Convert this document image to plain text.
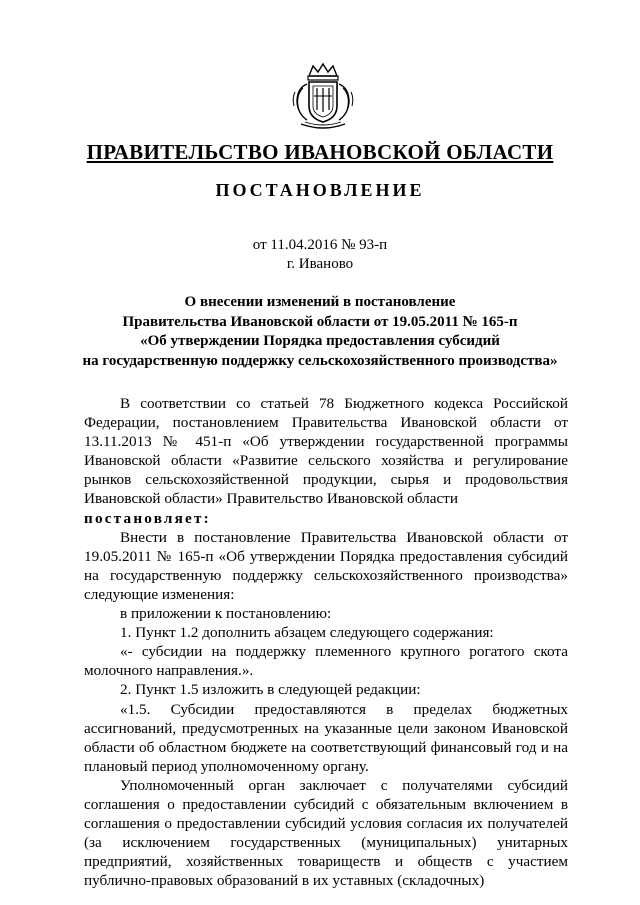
ПРАВИТЕЛЬСТВО ИВАНОВСКОЙ ОБЛАСТИ
ПОСТАНОВЛЕНИЕ
от 11.04.2016 № 93-п
г. Иваново
О внесении изменений в постановление
Правительства Ивановской области от 19.05.2011 № 165-п
«Об утверждении Порядка предоставления субсидий
на государственную поддержку сельскохозяйственного производства»

В соответствии со статьей 78 Бюджетного кодекса Российской Федерации, постановлением Правительства Ивановской области от 13.11.2013 № 451-п «Об утверждении государственной программы Ивановской области «Развитие сельского хозяйства и регулирование рынков сельскохозяйственной продукции, сырья и продовольствия Ивановской области» Правительство Ивановской области

постановляет:

Внести в постановление Правительства Ивановской области от 19.05.2011 № 165-п «Об утверждении Порядка предоставления субсидий на государственную поддержку сельскохозяйственного производства» следующие изменения:

в приложении к постановлению:

1. Пункт 1.2 дополнить абзацем следующего содержания:

«- субсидии на поддержку племенного крупного рогатого скота молочного направления.».

2. Пункт 1.5 изложить в следующей редакции:

«1.5. Субсидии предоставляются в пределах бюджетных ассигнований, предусмотренных на указанные цели законом Ивановской области об областном бюджете на соответствующий финансовый год и на плановый период уполномоченному органу.

Уполномоченный орган заключает с получателями субсидий соглашения о предоставлении субсидий с обязательным включением в соглашения о предоставлении субсидий условия согласия их получателей (за исключением государственных (муниципальных) унитарных предприятий, хозяйственных товариществ и обществ с участием публично-правовых образований в их уставных (складочных)
